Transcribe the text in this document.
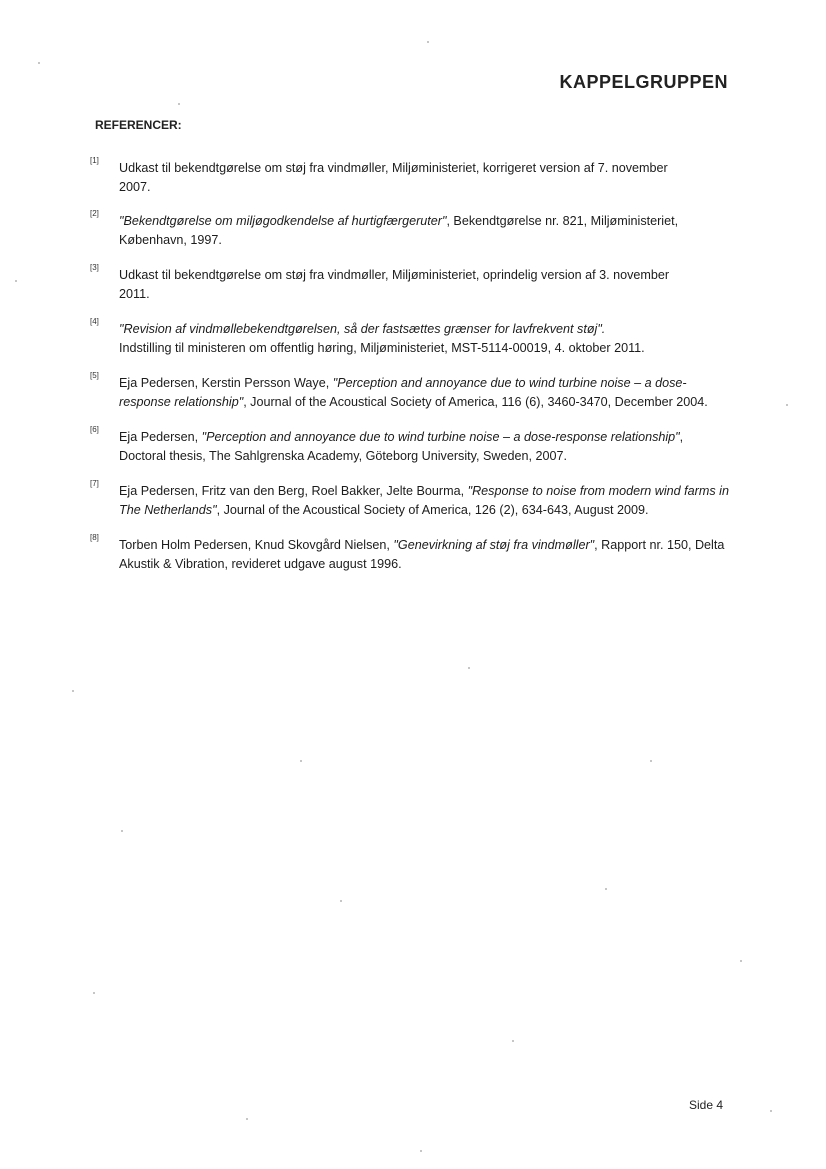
KAPPELGRUPPEN
REFERENCER:
[1]
Udkast til bekendtgørelse om støj fra vindmøller, Miljøministeriet, korrigeret version af 7. november
2007.
[2]
"Bekendtgørelse om miljøgodkendelse af hurtigfærgeruter", Bekendtgørelse nr. 821, Miljøministeriet, København, 1997.
[3]
Udkast til bekendtgørelse om støj fra vindmøller, Miljøministeriet, oprindelig version af 3. november
2011.
[4]
"Revision af vindmøllebekendtgørelsen, så der fastsættes grænser for lavfrekvent støj".
Indstilling til ministeren om offentlig høring, Miljøministeriet, MST-5114-00019, 4. oktober 2011.
[5]
Eja Pedersen, Kerstin Persson Waye, "Perception and annoyance due to wind turbine noise – a dose-response relationship", Journal of the Acoustical Society of America, 116 (6), 3460-3470, December 2004.
[6]
Eja Pedersen, "Perception and annoyance due to wind turbine noise – a dose-response relationship", Doctoral thesis, The Sahlgrenska Academy, Göteborg University, Sweden, 2007.
[7]
Eja Pedersen, Fritz van den Berg, Roel Bakker, Jelte Bourma, "Response to noise from modern wind farms in The Netherlands", Journal of the Acoustical Society of America, 126 (2), 634-643, August 2009.
[8]
Torben Holm Pedersen, Knud Skovgård Nielsen, "Genevirkning af støj fra vindmøller", Rapport nr. 150, Delta Akustik & Vibration, revideret udgave august 1996.
Side 4
